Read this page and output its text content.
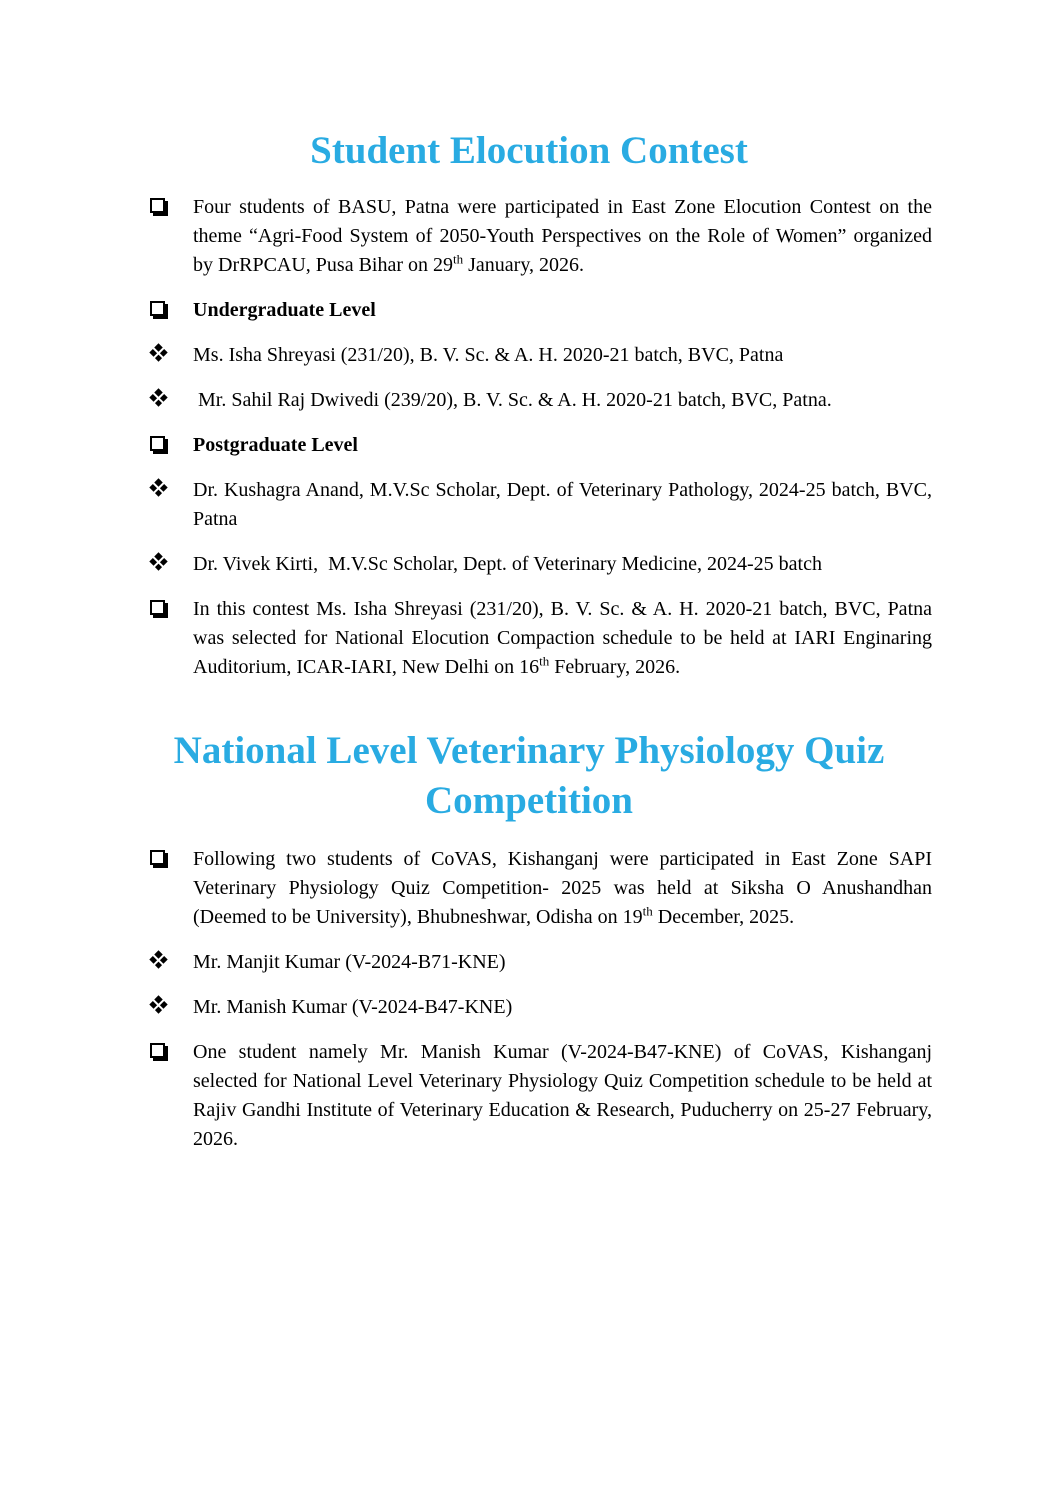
Student Elocution Contest

Four students of BASU, Patna were participated in East Zone Elocution Contest on the theme “Agri-Food System of 2050-Youth Perspectives on the Role of Women” organized by DrRPCAU, Pusa Bihar on 29th January, 2026.

Undergraduate Level

Ms. Isha Shreyasi (231/20), B. V. Sc. & A. H. 2020-21 batch, BVC, Patna

Mr. Sahil Raj Dwivedi (239/20), B. V. Sc. & A. H. 2020-21 batch, BVC, Patna.

Postgraduate Level

Dr. Kushagra Anand, M.V.Sc Scholar, Dept. of Veterinary Pathology, 2024-25 batch, BVC, Patna

Dr. Vivek Kirti,  M.V.Sc Scholar, Dept. of Veterinary Medicine, 2024-25 batch

In this contest Ms. Isha Shreyasi (231/20), B. V. Sc. & A. H. 2020-21 batch, BVC, Patna was selected for National Elocution Compaction schedule to be held at IARI Enginaring Auditorium, ICAR-IARI, New Delhi on 16th February, 2026.

National Level Veterinary Physiology Quiz Competition

Following two students of CoVAS, Kishanganj were participated in East Zone SAPI Veterinary Physiology Quiz Competition- 2025 was held at Siksha O Anushandhan (Deemed to be University), Bhubneshwar, Odisha on 19th December, 2025.

Mr. Manjit Kumar (V-2024-B71-KNE)

Mr. Manish Kumar (V-2024-B47-KNE)

One student namely Mr. Manish Kumar (V-2024-B47-KNE) of CoVAS, Kishanganj selected for National Level Veterinary Physiology Quiz Competition schedule to be held at Rajiv Gandhi Institute of Veterinary Education & Research, Puducherry on 25-27 February, 2026.
